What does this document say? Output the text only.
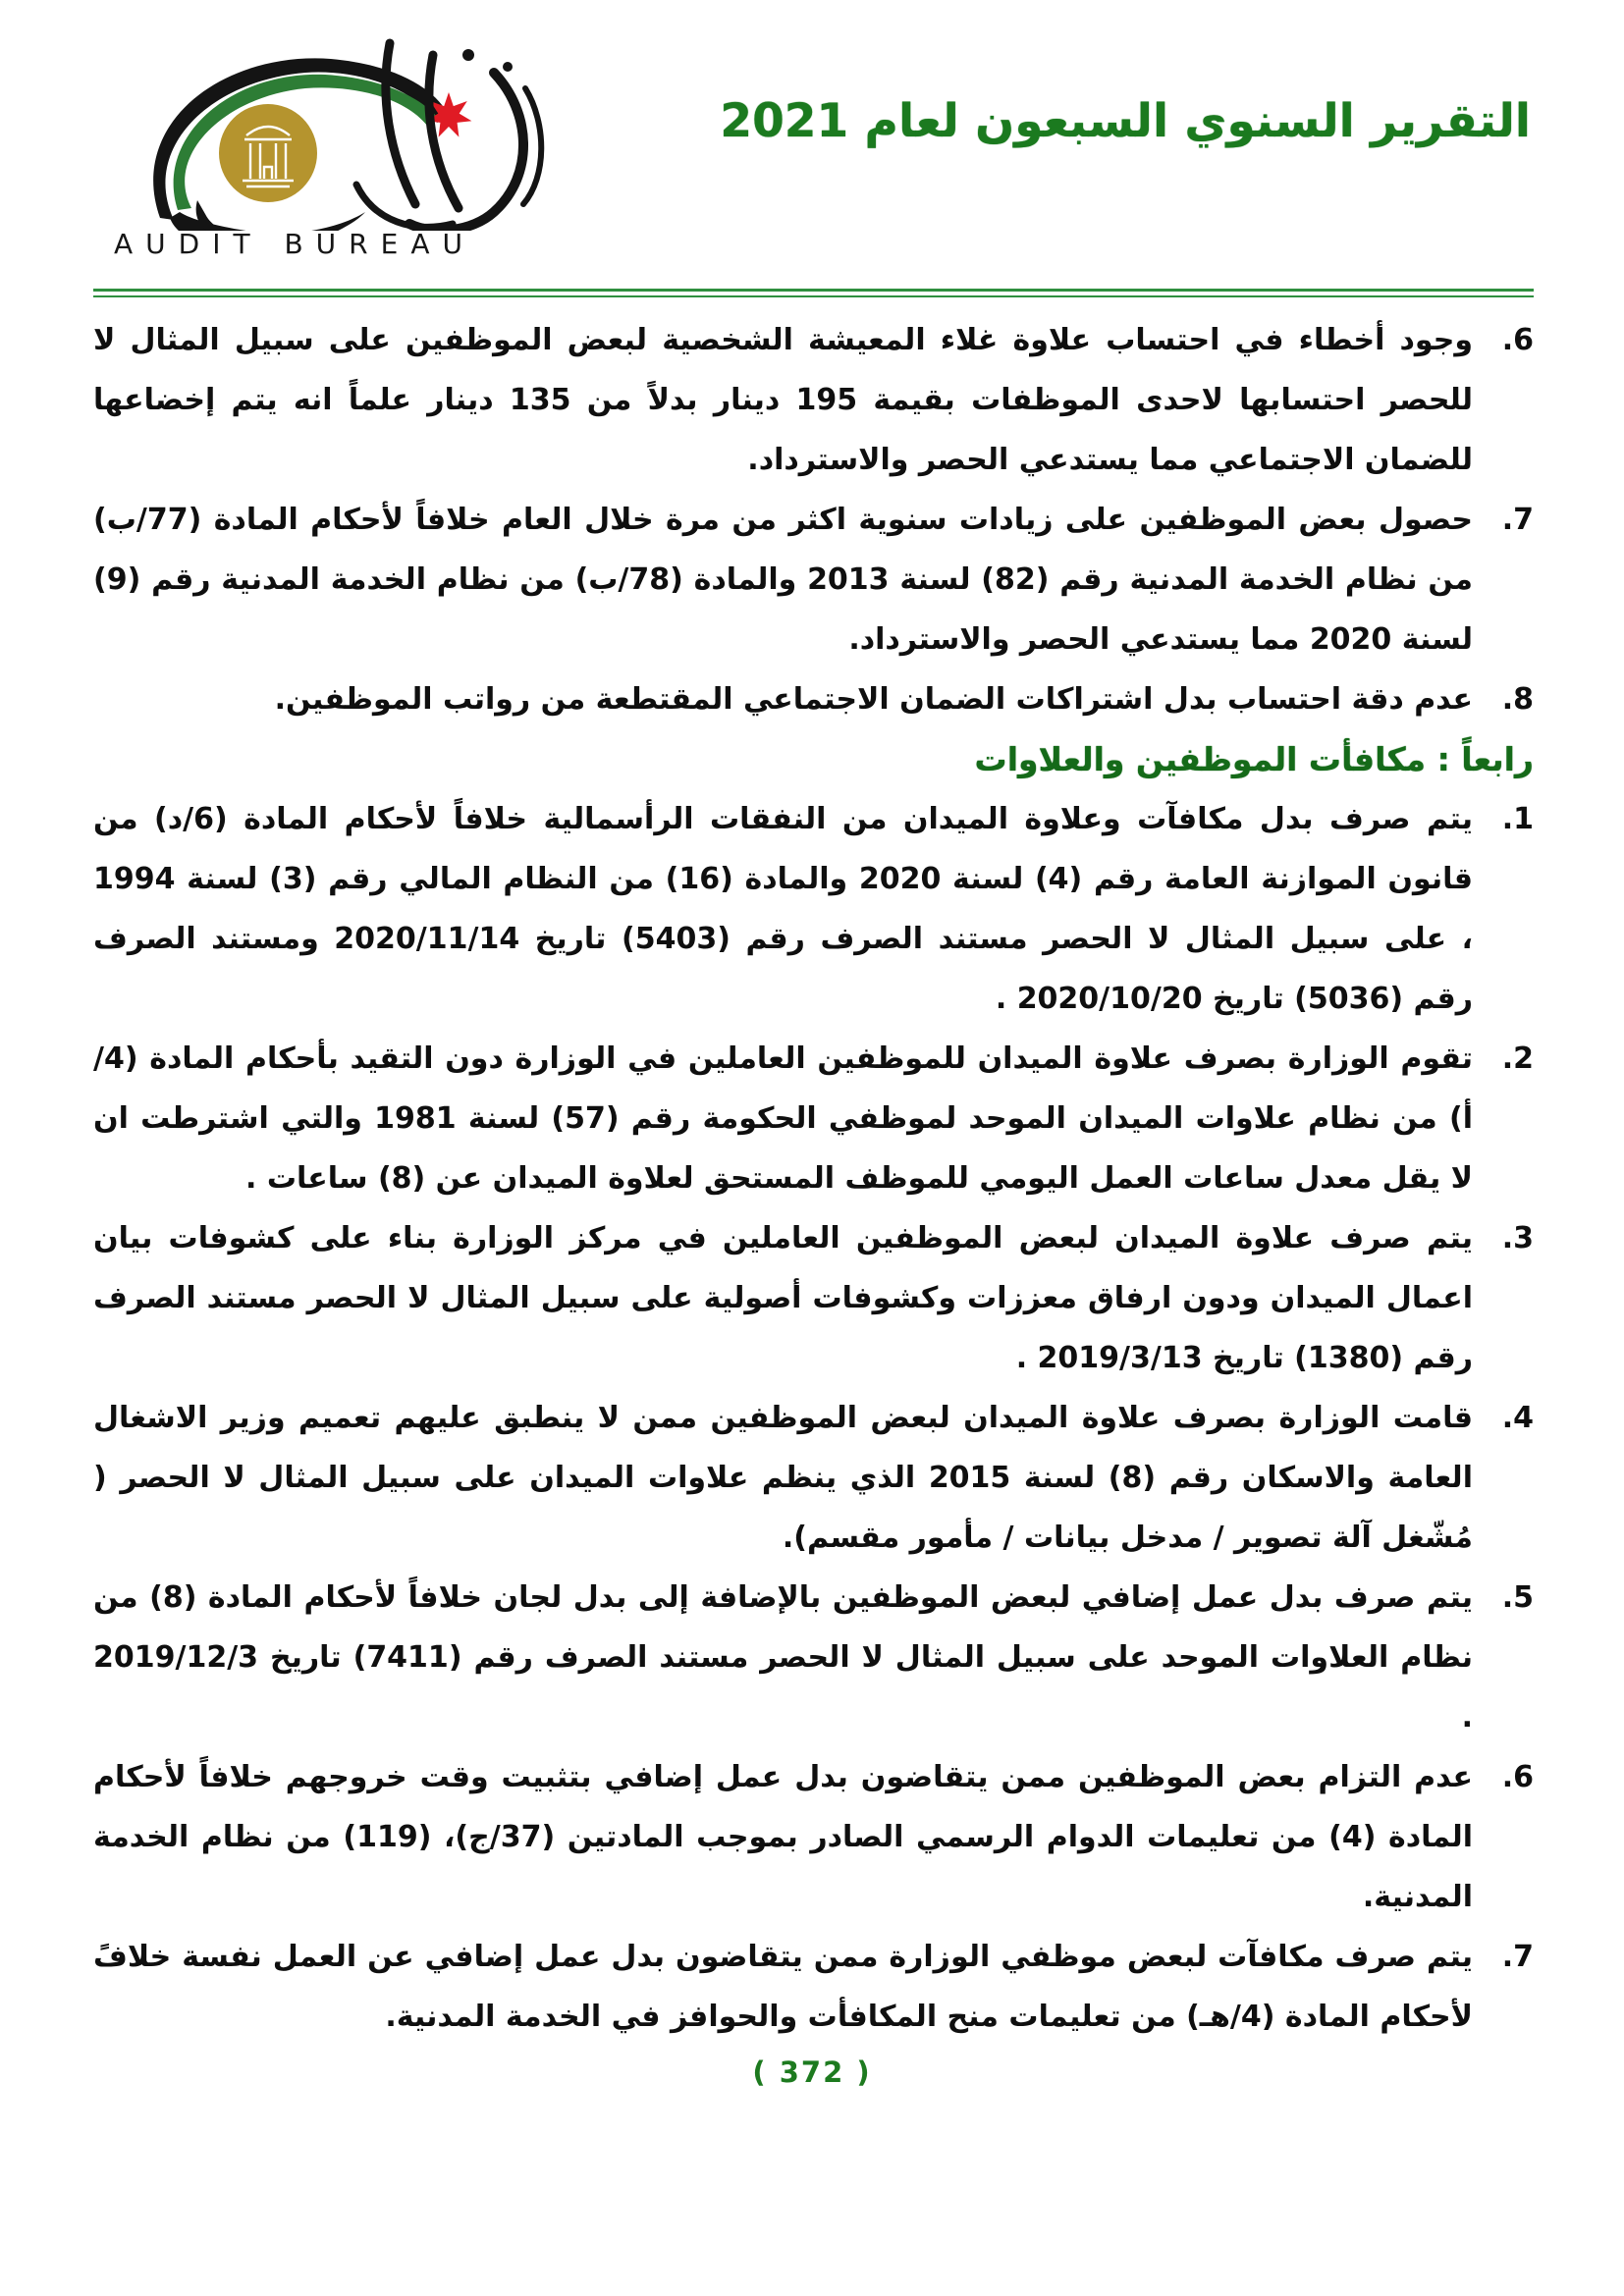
AUDIT BUREAU
التقرير السنوي السبعون لعام 2021
6.

وجود أخطاء في احتساب علاوة غلاء المعيشة الشخصية لبعض الموظفين على سبيل المثال لا للحصر احتسابها لاحدى الموظفات بقيمة 195 دينار بدلاً من 135 دينار علماً انه يتم إخضاعها للضمان الاجتماعي مما يستدعي الحصر والاسترداد.

7.

حصول بعض الموظفين على زيادات سنوية اكثر من مرة خلال العام خلافاً لأحكام المادة (77/ب) من نظام الخدمة المدنية رقم (82) لسنة 2013 والمادة (78/ب) من نظام الخدمة المدنية رقم (9) لسنة 2020 مما يستدعي الحصر والاسترداد.

8.

عدم دقة احتساب بدل اشتراكات الضمان الاجتماعي المقتطعة من رواتب الموظفين.

رابعاً : مكافأت الموظفين والعلاوات
1.

يتم صرف بدل مكافآت وعلاوة الميدان من النفقات الرأسمالية خلافاً لأحكام المادة (6/د) من قانون الموازنة العامة رقم (4) لسنة 2020 والمادة (16) من النظام المالي رقم (3) لسنة 1994 ، على سبيل المثال لا الحصر مستند الصرف رقم (5403) تاريخ 2020/11/14 ومستند الصرف رقم (5036) تاريخ 2020/10/20 .

2.

تقوم الوزارة بصرف علاوة الميدان للموظفين العاملين في الوزارة دون التقيد بأحكام المادة (4/أ) من نظام علاوات الميدان الموحد لموظفي الحكومة رقم (57) لسنة 1981 والتي اشترطت ان لا يقل معدل ساعات العمل اليومي للموظف المستحق لعلاوة الميدان عن (8) ساعات .

3.

يتم صرف علاوة الميدان لبعض الموظفين العاملين في مركز الوزارة بناء على كشوفات بيان اعمال الميدان ودون ارفاق معززات وكشوفات أصولية على سبيل المثال لا الحصر مستند الصرف رقم (1380) تاريخ 2019/3/13 .

4.

قامت الوزارة بصرف علاوة الميدان لبعض الموظفين ممن لا ينطبق عليهم تعميم وزير الاشغال العامة والاسكان رقم (8) لسنة 2015 الذي ينظم علاوات الميدان على سبيل المثال لا الحصر ( مُشّغل آلة تصوير / مدخل بيانات / مأمور مقسم).

5.

يتم صرف بدل عمل إضافي لبعض الموظفين بالإضافة إلى بدل لجان خلافاً لأحكام المادة (8) من نظام العلاوات الموحد على سبيل المثال لا الحصر مستند الصرف رقم (7411) تاريخ 2019/12/3 .

6.

عدم التزام بعض الموظفين ممن يتقاضون بدل عمل إضافي بتثبيت وقت خروجهم خلافاً لأحكام المادة (4) من تعليمات الدوام الرسمي الصادر بموجب المادتين (37/ج)، (119) من نظام الخدمة المدنية.

7.

يتم صرف مكافآت لبعض موظفي الوزارة ممن يتقاضون بدل عمل إضافي عن العمل نفسة خلافً لأحكام المادة (4/هـ) من تعليمات منح المكافأت والحوافز في الخدمة المدنية.

( 372 )
